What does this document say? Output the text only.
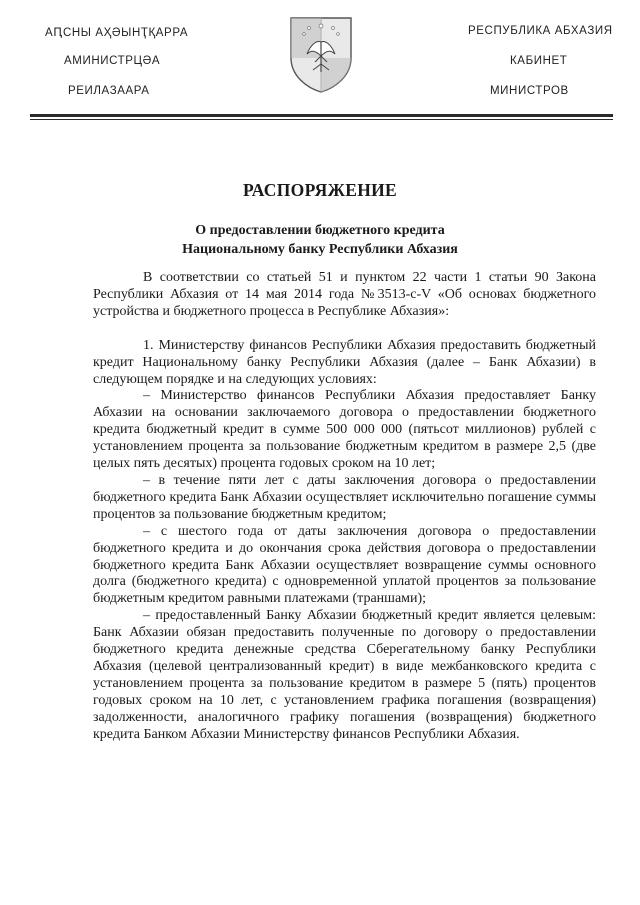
АԤСНЫ АҲӘЫНҬҚАРРА
АМИНИСТРЦӘА
РЕИЛАЗААРА
РЕСПУБЛИКА АБХАЗИЯ
КАБИНЕТ
МИНИСТРОВ
РАСПОРЯЖЕНИЕ
О предоставлении бюджетного кредита
Национальному банку Республики Абхазия

В соответствии со статьей 51 и пунктом 22 части 1 статьи 90 Закона Республики Абхазия от 14 мая 2014 года №3513-с-V «Об основах бюджетного устройства и бюджетного процесса в Республике Абхазия»:

1. Министерству финансов Республики Абхазия предоставить бюджетный кредит Национальному банку Республики Абхазия (далее – Банк Абхазии) в следующем порядке и на следующих условиях:

– Министерство финансов Республики Абхазия предоставляет Банку Абхазии на основании заключаемого договора о предоставлении бюджетного кредита бюджетный кредит в сумме 500 000 000 (пятьсот миллионов) рублей с установлением процента за пользование бюджетным кредитом в размере 2,5 (две целых пять десятых) процента годовых сроком на 10 лет;

– в течение пяти лет с даты заключения договора о предоставлении бюджетного кредита Банк Абхазии осуществляет исключительно погашение суммы процентов за пользование бюджетным кредитом;

– с шестого года от даты заключения договора о предоставлении бюджетного кредита и до окончания срока действия договора о предоставлении бюджетного кредита Банк Абхазии осуществляет возвращение суммы основного долга (бюджетного кредита) с одновременной уплатой процентов за пользование бюджетным кредитом равными платежами (траншами);

– предоставленный Банку Абхазии бюджетный кредит является целевым: Банк Абхазии обязан предоставить полученные по договору о предоставлении бюджетного кредита денежные средства Сберегательному банку Республики Абхазия (целевой централизованный кредит) в виде межбанковского кредита с установлением процента за пользование кредитом в размере 5 (пять) процентов годовых сроком на 10 лет, с установлением графика погашения (возвращения) задолженности, аналогичного графику погашения (возвращения) бюджетного кредита Банком Абхазии Министерству финансов Республики Абхазия.
